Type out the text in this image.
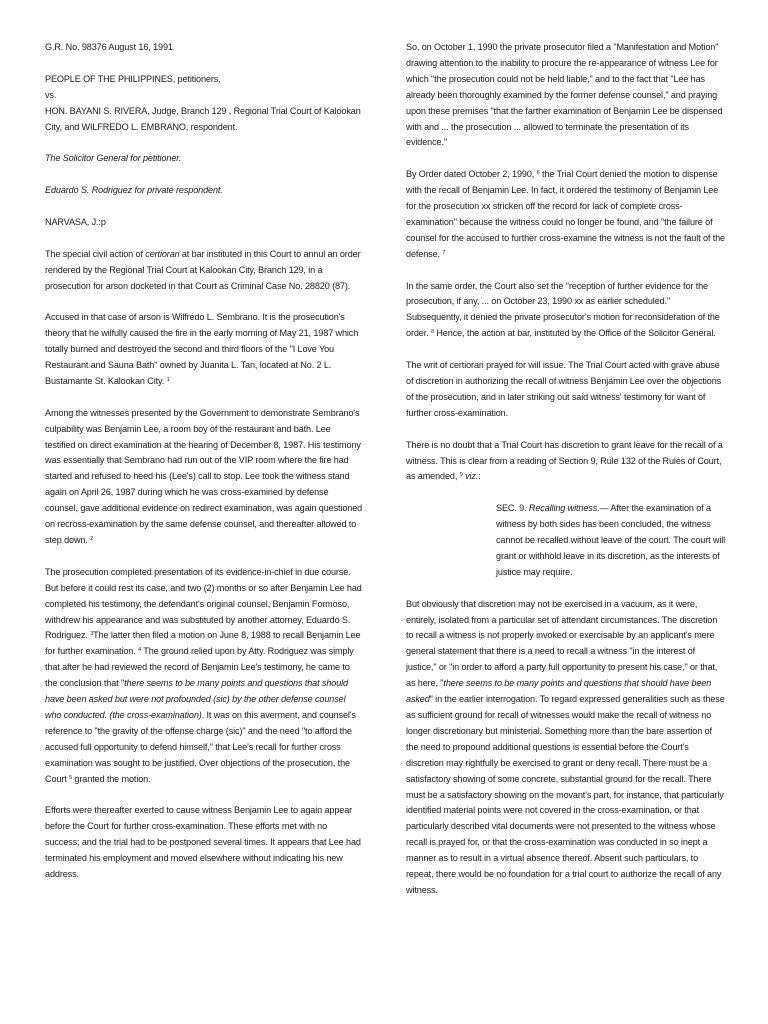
G.R. No. 98376 August 16, 1991

PEOPLE OF THE PHILIPPINES, petitioners,
vs.
HON. BAYANI S. RIVERA, Judge, Branch 129 , Regional Trial Court of Kalookan City, and WILFREDO L. EMBRANO, respondent.

The Solicitor General for petitioner.

Eduardo S. Rodriguez for private respondent.

NARVASA, J.:p

The special civil action of certiorari at bar instituted in this Court to annul an order rendered by the Regional Trial Court at Kalookan City, Branch 129, in a prosecution for arson docketed in that Court as Criminal Case No. 28820 (87).

Accused in that case of arson is Wilfredo L. Sembrano. It is the prosecution's theory that he wilfully caused the fire in the early morning of May 21, 1987 which totally burned and destroyed the second and third floors of the "I Love You Restaurant and Sauna Bath" owned by Juanita L. Tan, located at No. 2 L. Bustamante St. Kalookan City. $^1$

Among the witnesses presented by the Government to demonstrate Sembrano's culpability was Benjamin Lee, a room boy of the restaurant and bath. Lee testified on direct examination at the hearing of December 8, 1987. His testimony was essentially that Sembrano had run out of the VIP room where the fire had started and refused to heed his (Lee's) call to stop. Lee took the witness stand again on April 26, 1987 during which he was cross-examined by defense counsel, gave additional evidence on redirect examination, was again questioned on recross-examination by the same defense counsel, and thereafter allowed to step down. $^2$

The prosecution completed presentation of its evidence-in-chief in due course. But before it could rest its case, and two (2) months or so after Benjamin Lee had completed his testimony, the defendant's original counsel, Benjamin Formoso, withdrew his appearance and was substituted by another attorney, Eduardo S. Rodriguez. $^3$The latter then filed a motion on June 8, 1988 to recall Benjamin Lee for further examination. $^4$ The ground relied upon by Atty. Rodriguez was simply that after he had reviewed the record of Benjamin Lee's testimony, he came to the conclusion that "there seems to be many points and questions that should have been asked but were not profounded (sic) by the other defense counsel who conducted. (the cross-examination). It was on this averment, and counsel's reference to "the gravity of the offense charge (sic)" and the need "to afford the accused full opportunity to defend himself," that Lee's recall for further cross examination was sought to be justified. Over objections of the prosecution, the Court $^5$ granted the motion.

Efforts were thereafter exerted to cause witness Benjamin Lee to again appear before the Court for further cross-examination. These efforts met with no success; and the trial had to be postponed several times. It appears that Lee had terminated his employment and moved elsewhere without indicating his new address.

So, on October 1, 1990 the private prosecutor filed a "Manifestation and Motion" drawing attention to the inability to procure the re-appearance of witness Lee for which "the prosecution could not be held liable," and to the fact that "Lee has already been thoroughly examined by the former defense counsel," and praying upon these premises "that the farther examination of Benjamin Lee be dispensed with and ... the prosecution ... allowed to terminate the presentation of its evidence."

By Order dated October 2, 1990, $^6$ the Trial Court denied the motion to dispense with the recall of Benjamin Lee. In fact, it ordered the testimony of Benjamin Lee for the prosecution xx stricken off the record for lack of complete cross-examination" because the witness could no longer be found, and "the failure of counsel for the accused to further cross-examine the witness is not the fault of the defense. $^7$

In the same order, the Court also set the "reception of further evidence for the prosecution, if any, ... on October 23, 1990 xx as earlier scheduled." Subsequently, it denied the private prosecutor's motion for reconsideration of the order. $^8$ Hence, the action at bar, instituted by the Office of the Solicitor General.

The writ of certiorari prayed for will issue. The Trial Court acted with grave abuse of discretion in authorizing the recall of witness Benjamin Lee over the objections of the prosecution, and in later striking out said witness' testimony for want of further cross-examination.

There is no doubt that a Trial Court has discretion to grant leave for the recall of a witness. This is clear from a reading of Section 9, Rule 132 of the Rules of Court, as amended, $^9$ viz.:

SEC. 9. Recalling witness.— After the examination of a witness by both sides has been concluded, the witness cannot be recalled without leave of the court. The court will grant or withhold leave in its discretion, as the interests of justice may require.

But obviously that discretion may not be exercised in a vacuum, as it were, entirely, isolated from a particular set of attendant circumstances. The discretion to recall a witness is not properly invoked or exercisable by an applicant's mere general statement that there is a need to recall a witness "in the interest of justice," or "in order to afford a party full opportunity to present his case," or that, as here, "there seems to be many points and questions that should have been asked" in the earlier interrogation. To regard expressed generalities such as these as sufficient ground for recall of witnesses would make the recall of witness no longer discretionary but ministerial. Something more than the bare assertion of the need to propound additional questions is essential before the Court's discretion may rightfully be exercised to grant or deny recall. There must be a satisfactory showing of some concrete, substantial ground for the recall. There must be a satisfactory showing on the movant's part, for instance, that particularly identified material points were not covered in the cross-examination, or that particularly described vital documents were not presented to the witness whose recall is prayed for, or that the cross-examination was conducted in so inept a manner as to result in a virtual absence thereof. Absent such particulars, to repeat, there would be no foundation for a trial court to authorize the recall of any witness.
